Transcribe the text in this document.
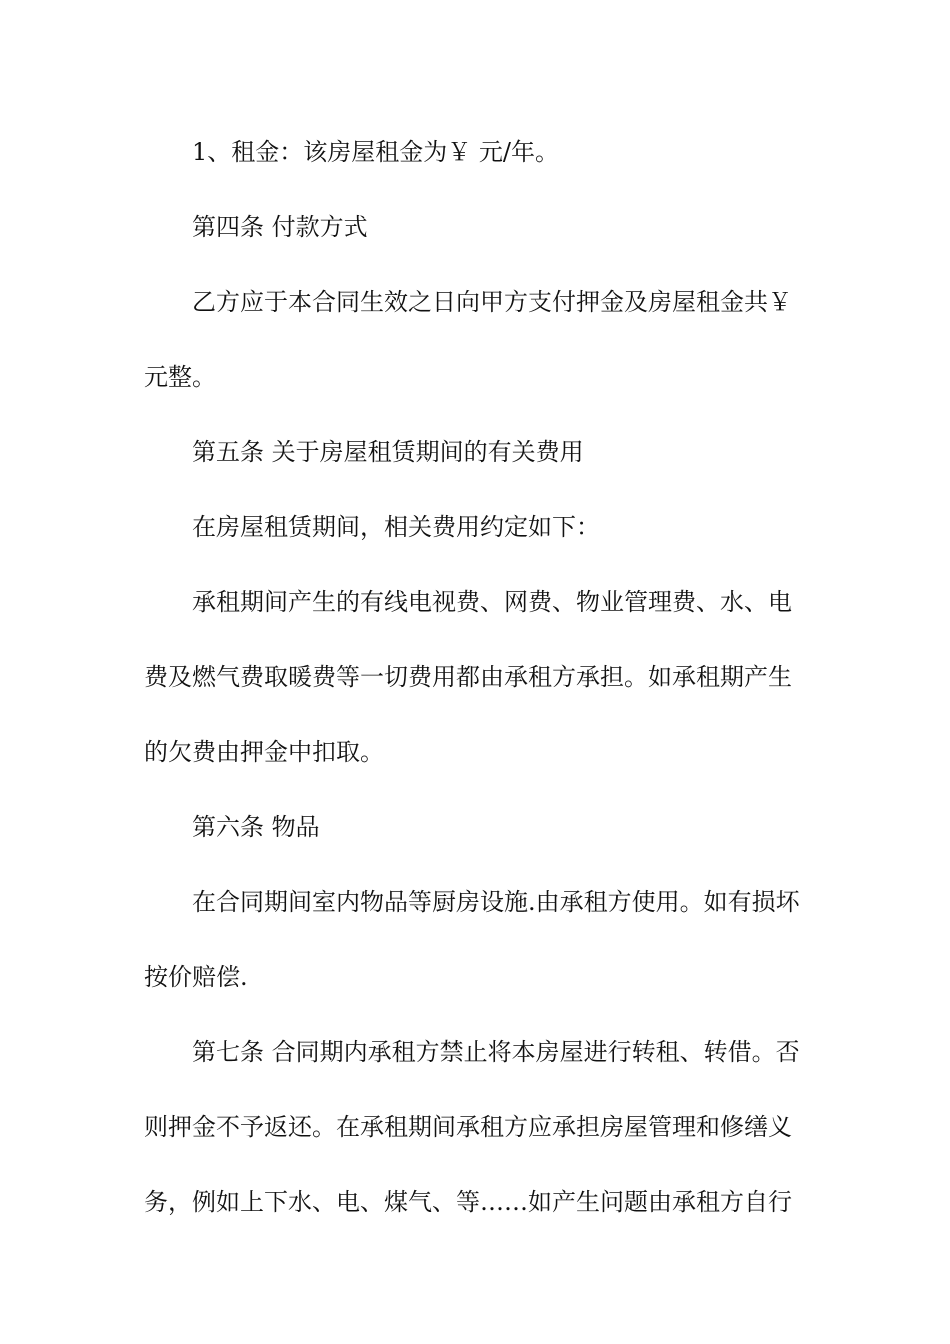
1、租金：该房屋租金为￥ 元/年。
第四条 付款方式
乙方应于本合同生效之日向甲方支付押金及房屋租金共￥
元整。
第五条 关于房屋租赁期间的有关费用
在房屋租赁期间，相关费用约定如下：
承租期间产生的有线电视费、网费、物业管理费、水、电
费及燃气费取暖费等一切费用都由承租方承担。如承租期产生
的欠费由押金中扣取。
第六条 物品
在合同期间室内物品等厨房设施.由承租方使用。如有损坏
按价赔偿.
第七条 合同期内承租方禁止将本房屋进行转租、转借。否
则押金不予返还。在承租期间承租方应承担房屋管理和修缮义
务，例如上下水、电、煤气、等……如产生问题由承租方自行
